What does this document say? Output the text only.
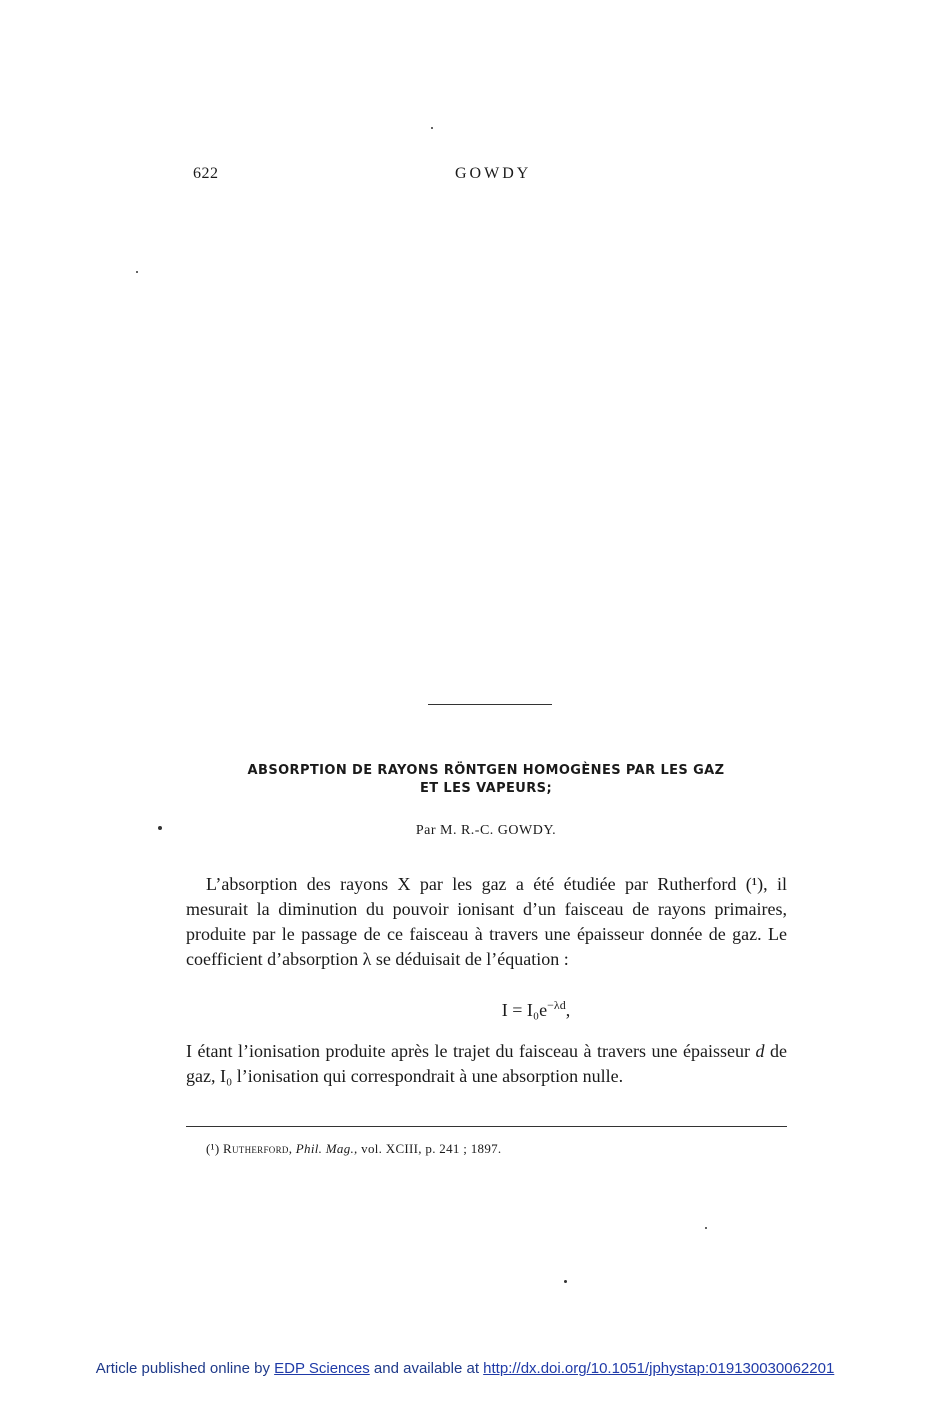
622	GOWDY
ABSORPTION DE RAYONS RÖNTGEN HOMOGÈNES PAR LES GAZ
ET LES VAPEURS;
Par M. R.-C. GOWDY.
L’absorption des rayons X par les gaz a été étudiée par Rutherford (¹), il mesurait la diminution du pouvoir ionisant d’un faisceau de rayons primaires, produite par le passage de ce faisceau à travers une épaisseur donnée de gaz. Le coefficient d’absorption λ se déduisait de l’équation :
$I = I_0e^{-\lambda d}$,
I étant l’ionisation produite après le trajet du faisceau à travers une épaisseur d de gaz, I₀ l’ionisation qui correspondrait à une absorption nulle.
(¹) Rutherford, Phil. Mag., vol. XCIII, p. 241 ; 1897.
Article published online by EDP Sciences and available at http://dx.doi.org/10.1051/jphystap:019130030062201
